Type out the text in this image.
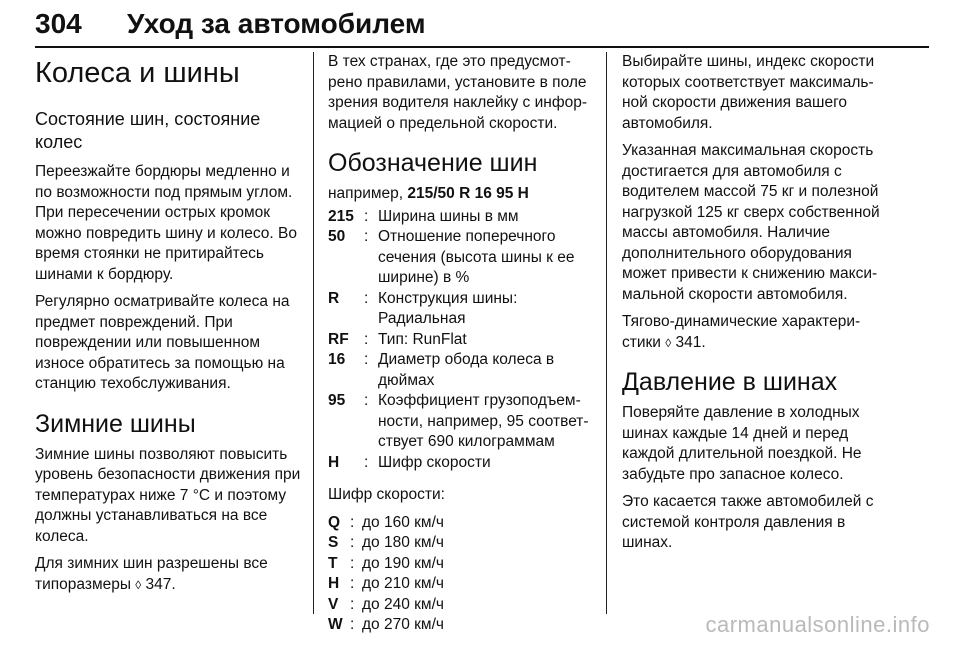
304 Уход за автомобилем
Колеса и шины
Состояние шин, состояние колес

Переезжайте бордюры медленно и по возможности под прямым углом. При пересечении острых кромок можно повредить шину и колесо. Во время стоянки не притирайтесь шинами к бордюру.

Регулярно осматривайте колеса на предмет повреждений. При повреждении или повышенном износе обратитесь за помощью на станцию техобслуживания.

Зимние шины

Зимние шины позволяют повысить уровень безопасности движения при температурах ниже 7 °C и поэтому должны устанавливаться на все колеса.

Для зимних шин разрешены все типоразмеры ◊ 347.

В тех странах, где это предусмот-рено правилами, установите в поле зрения водителя наклейку с инфор-мацией о предельной скорости.

Обозначение шин
например, 215/50 R 16 95 H
215	:	Ширина шины в мм
50	:	Отношение поперечного сечения (высота шины к ее ширине) в %
R	:	Конструкция шины: Радиальная
RF	:	Тип: RunFlat
16	:	Диаметр обода колеса в дюймах
95	:	Коэффициент грузоподъем-ности, например, 95 соответ-ствует 690 килограммам
H	:	Шифр скорости

Шифр скорости:

Q	:	до 160 км/ч
S	:	до 180 км/ч
T	:	до 190 км/ч
H	:	до 210 км/ч
V	:	до 240 км/ч
W	:	до 270 км/ч

Выбирайте шины, индекс скорости которых соответствует максималь-ной скорости движения вашего автомобиля.

Указанная максимальная скорость достигается для автомобиля с водителем массой 75 кг и полезной нагрузкой 125 кг сверх собственной массы автомобиля. Наличие дополнительного оборудования может привести к снижению макси-мальной скорости автомобиля.

Тягово-динамические характери-стики ◊ 341.

Давление в шинах

Поверяйте давление в холодных шинах каждые 14 дней и перед каждой длительной поездкой. Не забудьте про запасное колесо.

Это касается также автомобилей с системой контроля давления в шинах.

carmanualsonline.info
